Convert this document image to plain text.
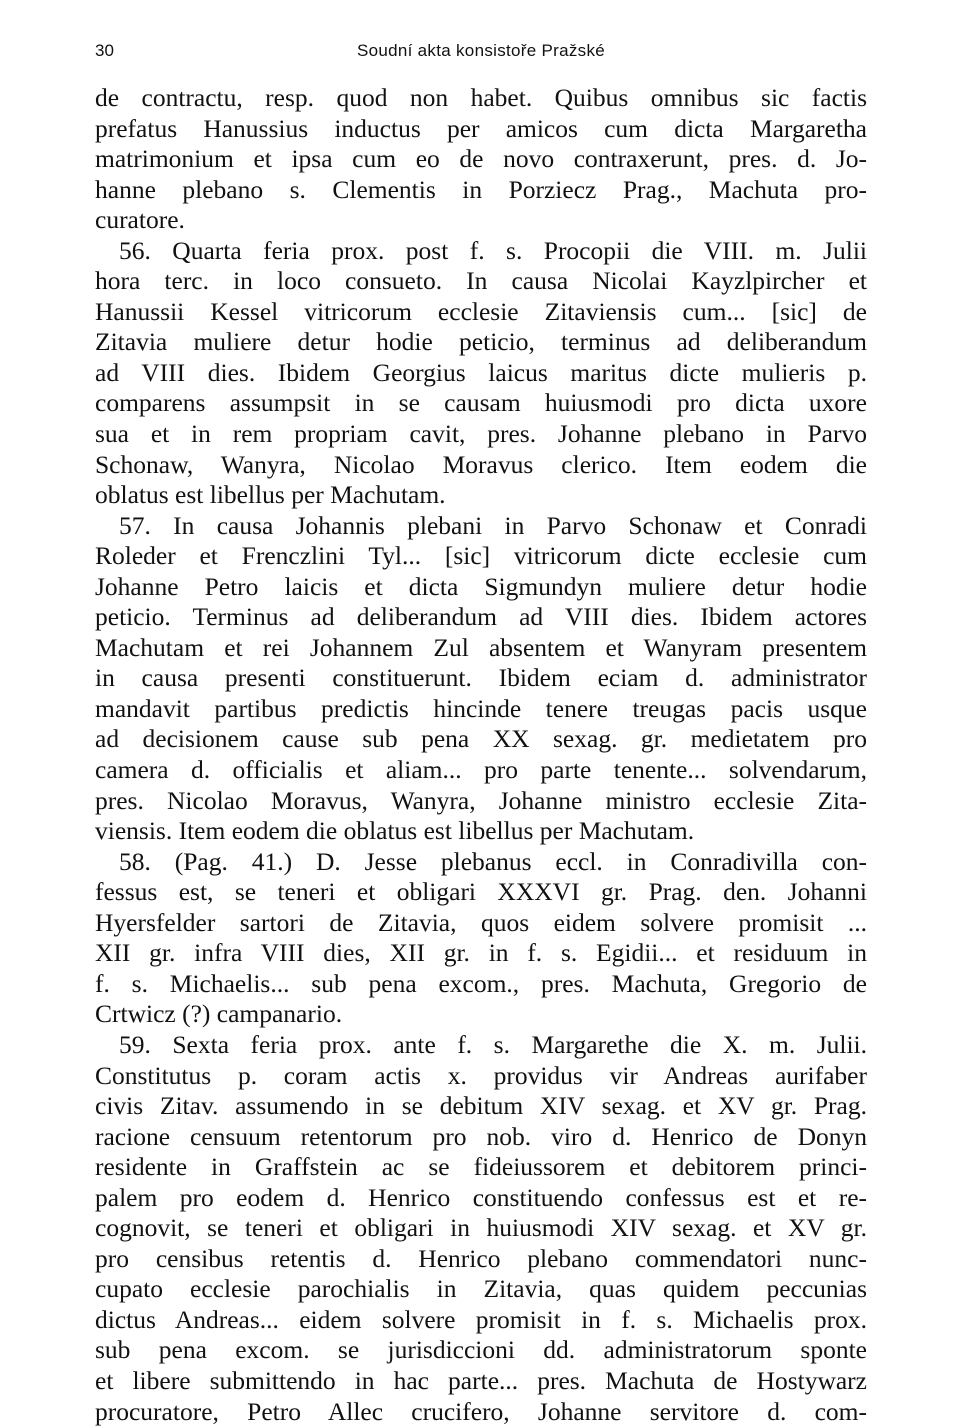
30	Soudní akta konsistoře Pražské
de contractu, resp. quod non habet. Quibus omnibus sic factis
prefatus Hanussius inductus per amicos cum dicta Margaretha
matrimonium et ipsa cum eo de novo contraxerunt, pres. d. Jo-
hanne plebano s. Clementis in Porziecz Prag., Machuta pro-
curatore.
56. Quarta feria prox. post f. s. Procopii die VIII. m. Julii
hora terc. in loco consueto. In causa Nicolai Kayzlpircher et
Hanussii Kessel vitricorum ecclesie Zitaviensis cum... [sic] de
Zitavia muliere detur hodie peticio, terminus ad deliberandum
ad VIII dies. Ibidem Georgius laicus maritus dicte mulieris p.
comparens assumpsit in se causam huiusmodi pro dicta uxore
sua et in rem propriam cavit, pres. Johanne plebano in Parvo
Schonaw, Wanyra, Nicolao Moravus clerico. Item eodem die
oblatus est libellus per Machutam.
57. In causa Johannis plebani in Parvo Schonaw et Conradi
Roleder et Frenczlini Tyl... [sic] vitricorum dicte ecclesie cum
Johanne Petro laicis et dicta Sigmundyn muliere detur hodie
peticio. Terminus ad deliberandum ad VIII dies. Ibidem actores
Machutam et rei Johannem Zul absentem et Wanyram presentem
in causa presenti constituerunt. Ibidem eciam d. administrator
mandavit partibus predictis hincinde tenere treugas pacis usque
ad decisionem cause sub pena XX sexag. gr. medietatem pro
camera d. officialis et aliam... pro parte tenente... solvendarum,
pres. Nicolao Moravus, Wanyra, Johanne ministro ecclesie Zita-
viensis. Item eodem die oblatus est libellus per Machutam.
58. (Pag. 41.) D. Jesse plebanus eccl. in Conradivilla con-
fessus est, se teneri et obligari XXXVI gr. Prag. den. Johanni
Hyersfelder sartori de Zitavia, quos eidem solvere promisit ...
XII gr. infra VIII dies, XII gr. in f. s. Egidii... et residuum in
f. s. Michaelis... sub pena excom., pres. Machuta, Gregorio de
Crtwicz (?) campanario.
59. Sexta feria prox. ante f. s. Margarethe die X. m. Julii.
Constitutus p. coram actis x. providus vir Andreas aurifaber
civis Zitav. assumendo in se debitum XIV sexag. et XV gr. Prag.
racione censuum retentorum pro nob. viro d. Henrico de Donyn
residente in Graffstein ac se fideiussorem et debitorem princi-
palem pro eodem d. Henrico constituendo confessus est et re-
cognovit, se teneri et obligari in huiusmodi XIV sexag. et XV gr.
pro censibus retentis d. Henrico plebano commendatori nunc-
cupato ecclesie parochialis in Zitavia, quas quidem peccunias
dictus Andreas... eidem solvere promisit in f. s. Michaelis prox.
sub pena excom. se jurisdiccioni dd. administratorum sponte
et libere submittendo in hac parte... pres. Machuta de Hostywarz
procuratore, Petro Allec crucifero, Johanne servitore d. com-
